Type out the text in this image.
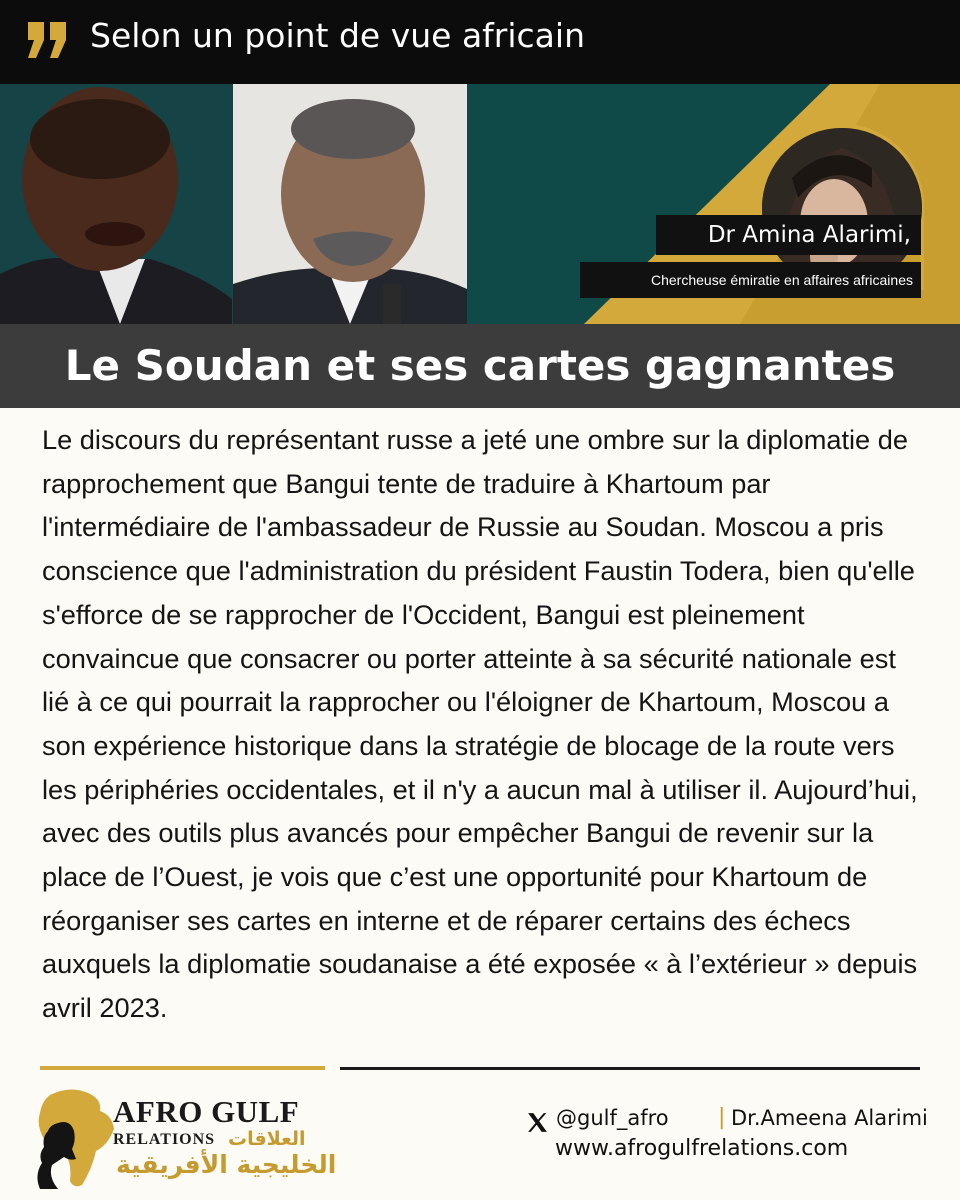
Selon un point de vue africain
Dr Amina Alarimi,
Chercheuse émiratie en affaires africaines
Le Soudan et ses cartes gagnantes
Le discours du représentant russe a jeté une ombre sur la diplomatie de rapprochement que Bangui tente de traduire à Khartoum par l'intermédiaire de l'ambassadeur de Russie au Soudan. Moscou a pris conscience que l'administration du président Faustin Todera, bien qu'elle s'efforce de se rapprocher de l'Occident, Bangui est pleinement convaincue que consacrer ou porter atteinte à sa sécurité nationale est lié à ce qui pourrait la rapprocher ou l'éloigner de Khartoum, Moscou a son expérience historique dans la stratégie de blocage de la route vers les périphéries occidentales, et il n'y a aucun mal à utiliser il. Aujourd’hui, avec des outils plus avancés pour empêcher Bangui de revenir sur la place de l’Ouest, je vois que c’est une opportunité pour Khartoum de réorganiser ses cartes en interne et de réparer certains des échecs auxquels la diplomatie soudanaise a été exposée « à l’extérieur » depuis avril 2023.
AFRO GULF
RELATIONS العلاقات
الخليجية الأفريقية
@gulf_afro | Dr.Ameena Alarimi
www.afrogulfrelations.com
